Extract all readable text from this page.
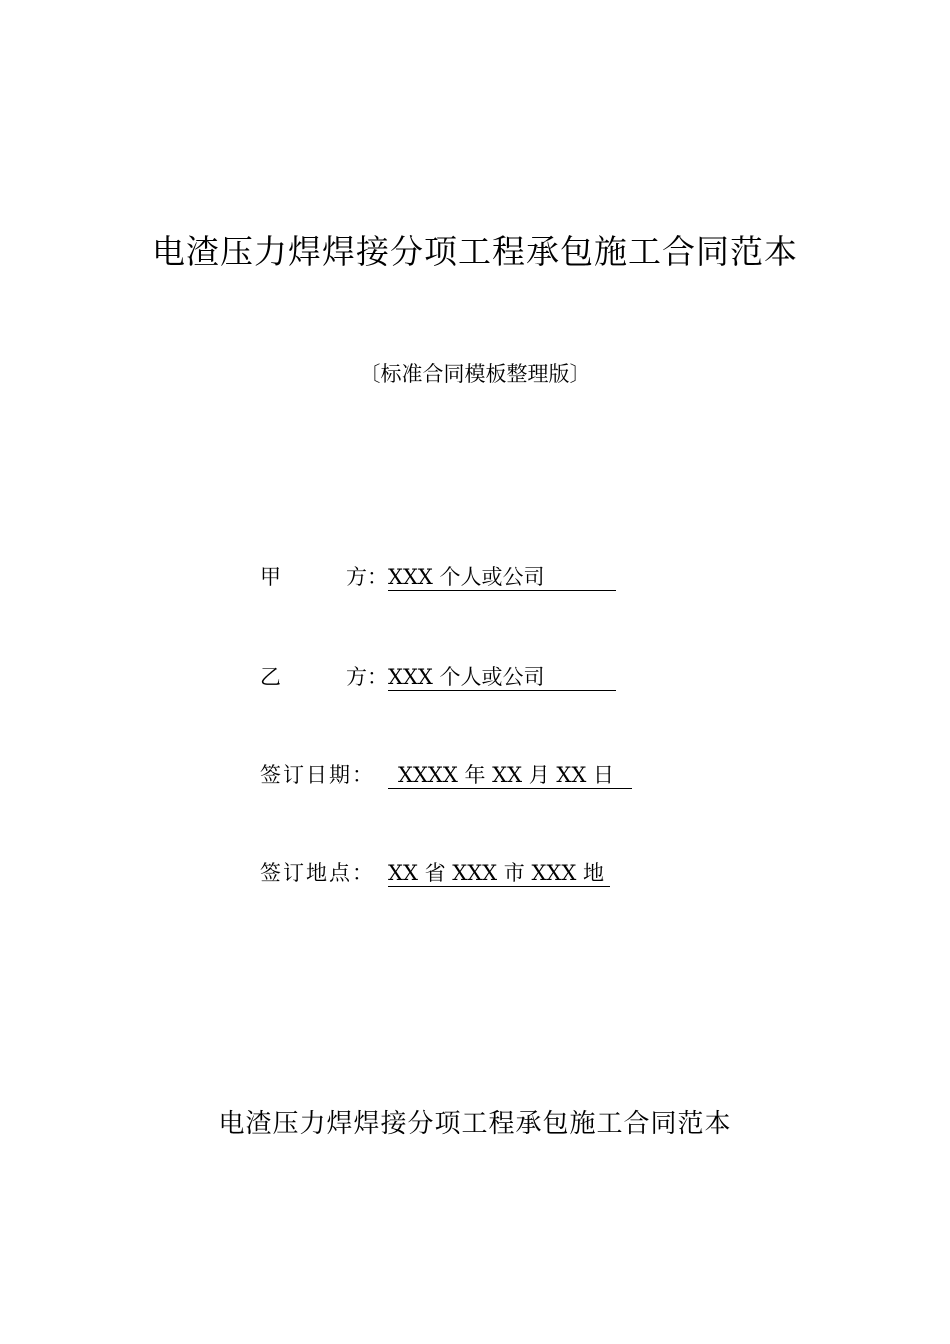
电渣压力焊焊接分项工程承包施工合同范本
〔标准合同模板整理版〕
甲	方： XXX 个人或公司
乙	方： XXX 个人或公司
签订日期：	XXXX 年 XX 月 XX 日
签订地点： XX 省 XXX 市 XXX 地
电渣压力焊焊接分项工程承包施工合同范本
